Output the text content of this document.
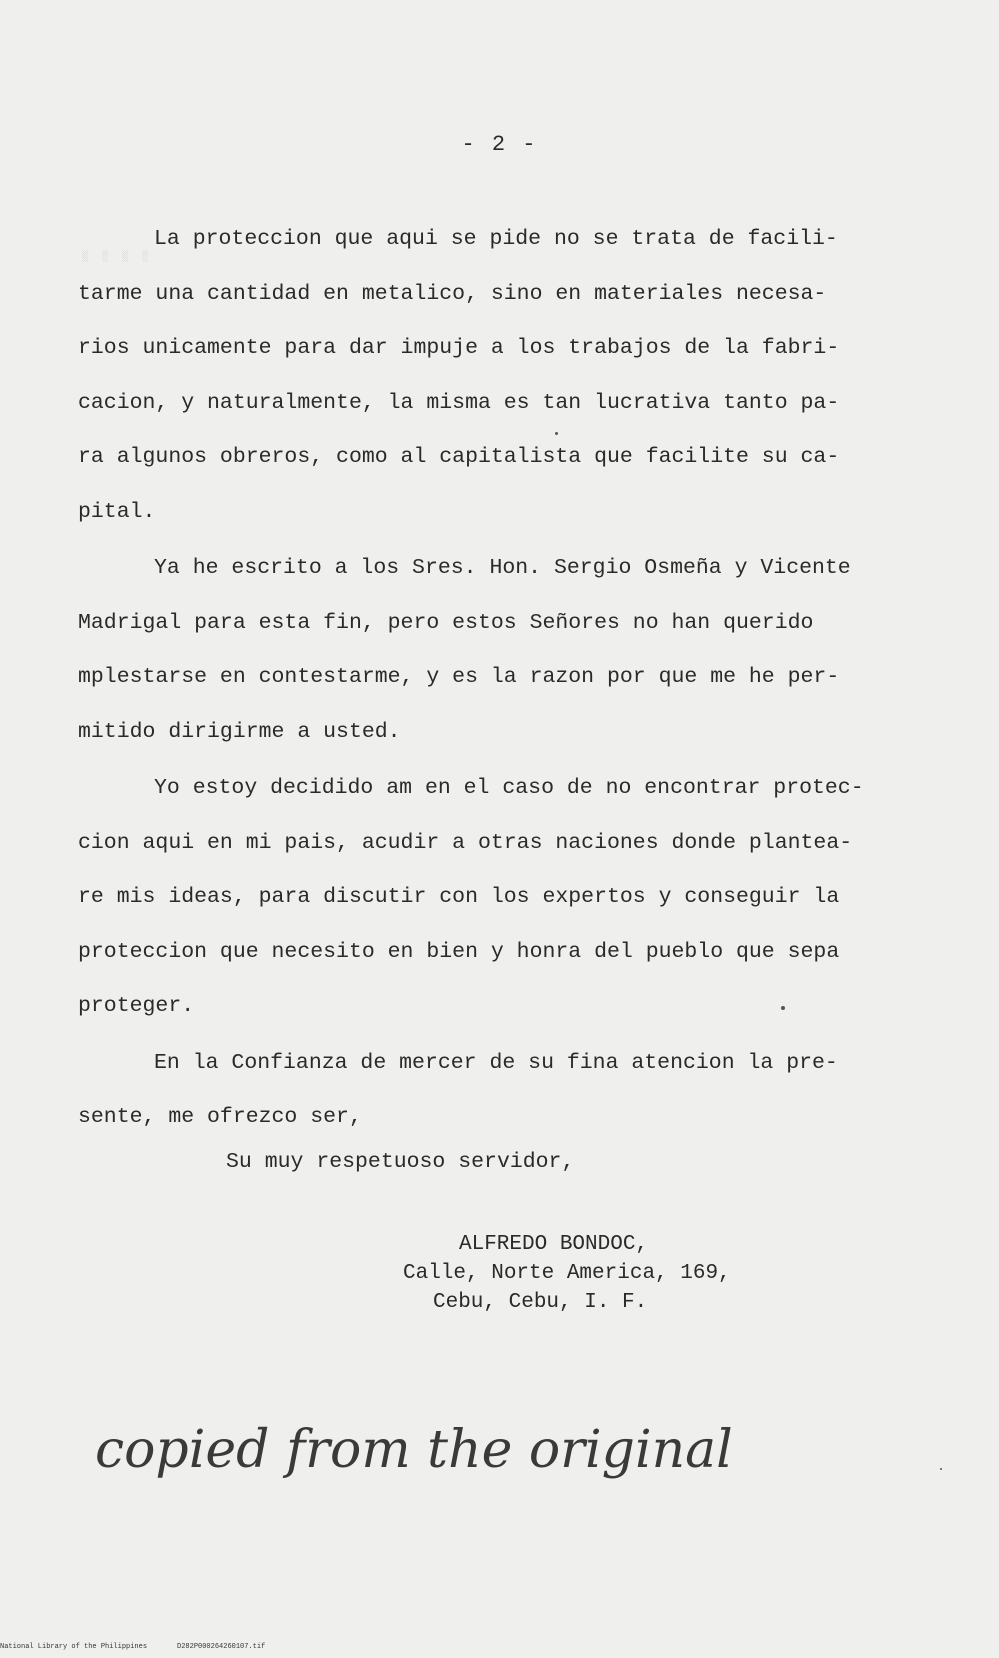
- 2 -
░ ░ ░ ░
La proteccion que aqui se pide no se trata de facili-
tarme una cantidad en metalico, sino en materiales necesa-
rios unicamente para dar impuje a los trabajos de la fabri-
cacion, y naturalmente, la misma es tan lucrativa tanto pa-
ra algunos obreros, como al capitalista que facilite su ca-
pital.
Ya he escrito a los Sres. Hon. Sergio Osmeña y Vicente
Madrigal para esta fin, pero estos Señores no han querido
mplestarse en contestarme, y es la razon por que me he per-
mitido dirigirme a usted.
Yo estoy decidido am en el caso de no encontrar protec-
cion aqui en mi pais, acudir a otras naciones donde plantea-
re mis ideas, para discutir con los expertos y conseguir la
proteccion que necesito en bien y honra del pueblo que sepa
proteger.
En la Confianza de mercer de su fina atencion la pre-
sente, me ofrezco ser,
Su muy respetuoso servidor,
ALFREDO BONDOC,
Calle, Norte America, 169,
Cebu, Cebu, I. F.
copied from the original
National Library of the Philippines	D282P000264260107.tif
